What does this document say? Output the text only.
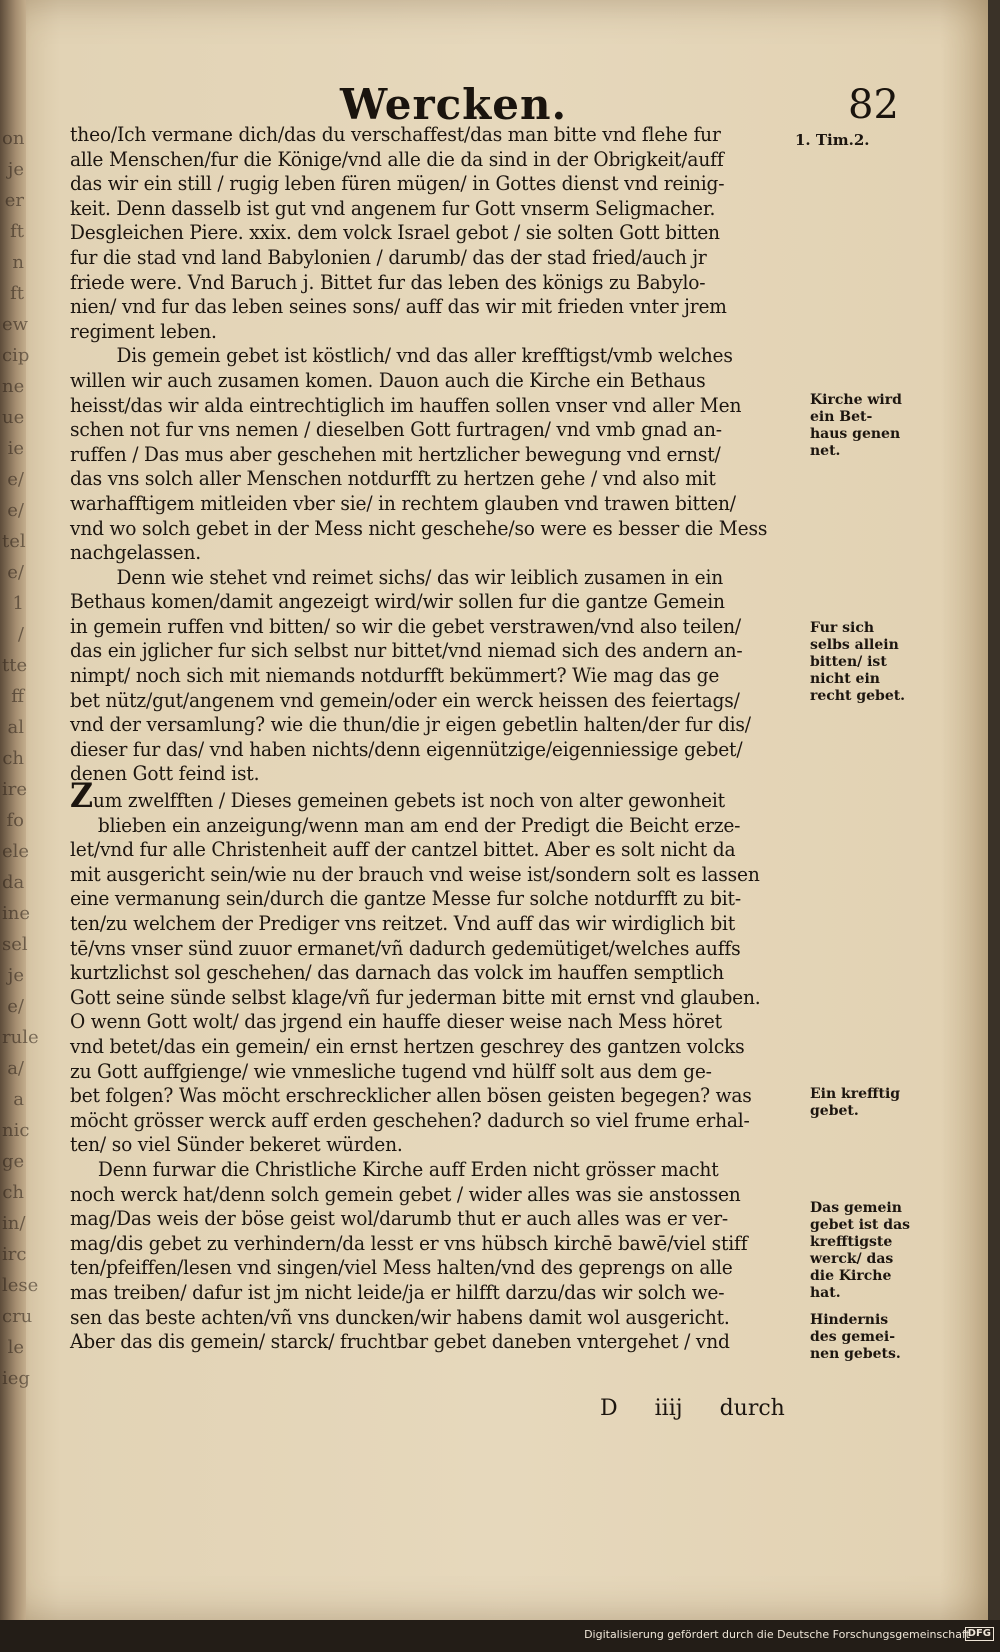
on
je
er
ft
n
ft
ew
cip
ne
ue
ie
e/
e/
tel
e/
1
/
tte
ff
al
ch
ire
fo
ele
da
ine
sel
je
e/
rule
a/
a
nic
ge
ch
in/
irc
lese
cru
le
ieg
Wercken.	82
theo/Ich vermane dich/das du verschaffest/das man bitte vnd flehe fur
alle Menschen/fur die Könige/vnd alle die da sind in der Obrigkeit/auff
das wir ein still / rugig leben füren mügen/ in Gottes dienst vnd reinig-
keit. Denn dasselb ist gut vnd angenem fur Gott vnserm Seligmacher.
Desgleichen Piere. xxix. dem volck Israel gebot / sie solten Gott bitten
fur die stad vnd land Babylonien / darumb/ das der stad fried/auch jr
friede were. Vnd Baruch j. Bittet fur das leben des königs zu Babylo-
nien/ vnd fur das leben seines sons/ auff das wir mit frieden vnter jrem
regiment leben.
Dis gemein gebet ist köstlich/ vnd das aller krefftigst/vmb welches
willen wir auch zusamen komen. Dauon auch die Kirche ein Bethaus
heisst/das wir alda eintrechtiglich im hauffen sollen vnser vnd aller Men
schen not fur vns nemen / dieselben Gott furtragen/ vnd vmb gnad an-
ruffen / Das mus aber geschehen mit hertzlicher bewegung vnd ernst/
das vns solch aller Menschen notdurfft zu hertzen gehe / vnd also mit
warhafftigem mitleiden vber sie/ in rechtem glauben vnd trawen bitten/
vnd wo solch gebet in der Mess nicht geschehe/so were es besser die Mess
nachgelassen.
Denn wie stehet vnd reimet sichs/ das wir leiblich zusamen in ein
Bethaus komen/damit angezeigt wird/wir sollen fur die gantze Gemein
in gemein ruffen vnd bitten/ so wir die gebet verstrawen/vnd also teilen/
das ein jglicher fur sich selbst nur bittet/vnd niemad sich des andern an-
nimpt/ noch sich mit niemands notdurfft bekümmert? Wie mag das ge
bet nütz/gut/angenem vnd gemein/oder ein werck heissen des feiertags/
vnd der versamlung? wie die thun/die jr eigen gebetlin halten/der fur dis/
dieser fur das/ vnd haben nichts/denn eigennützige/eigenniessige gebet/
denen Gott feind ist.
Zum zwelfften / Dieses gemeinen gebets ist noch von alter gewonheit
blieben ein anzeigung/wenn man am end der Predigt die Beicht erze-
let/vnd fur alle Christenheit auff der cantzel bittet. Aber es solt nicht da
mit ausgericht sein/wie nu der brauch vnd weise ist/sondern solt es lassen
eine vermanung sein/durch die gantze Messe fur solche notdurfft zu bit-
ten/zu welchem der Prediger vns reitzet. Vnd auff das wir wirdiglich bit
tē/vns vnser sünd zuuor ermanet/vñ dadurch gedemütiget/welches auffs
kurtzlichst sol geschehen/ das darnach das volck im hauffen semptlich
Gott seine sünde selbst klage/vñ fur jederman bitte mit ernst vnd glauben.
O wenn Gott wolt/ das jrgend ein hauffe dieser weise nach Mess höret
vnd betet/das ein gemein/ ein ernst hertzen geschrey des gantzen volcks
zu Gott auffgienge/ wie vnmesliche tugend vnd hülff solt aus dem ge-
bet folgen? Was möcht erschrecklicher allen bösen geisten begegen? was
möcht grösser werck auff erden geschehen? dadurch so viel frume erhal-
ten/ so viel Sünder bekeret würden.
Denn furwar die Christliche Kirche auff Erden nicht grösser macht
noch werck hat/denn solch gemein gebet / wider alles was sie anstossen
mag/Das weis der böse geist wol/darumb thut er auch alles was er ver-
mag/dis gebet zu verhindern/da lesst er vns hübsch kirchē bawē/viel stiff
ten/pfeiffen/lesen vnd singen/viel Mess halten/vnd des geprengs on alle
mas treiben/ dafur ist jm nicht leide/ja er hilfft darzu/das wir solch we-
sen das beste achten/vñ vns duncken/wir habens damit wol ausgericht.
Aber das dis gemein/ starck/ fruchtbar gebet daneben vntergehet / vnd
1. Tim.2.
Kirche wird
ein Bet-
haus genen
net.
Fur sich
selbs allein
bitten/ ist
nicht ein
recht gebet.
Ein krefftig
gebet.
Das gemein
gebet ist das
krefftigste
werck/ das
die Kirche
hat.
Hindernis
des gemei-
nen gebets.
D iiij durch
Digitalisierung gefördert durch die Deutsche Forschungsgemeinschaft
DFG
